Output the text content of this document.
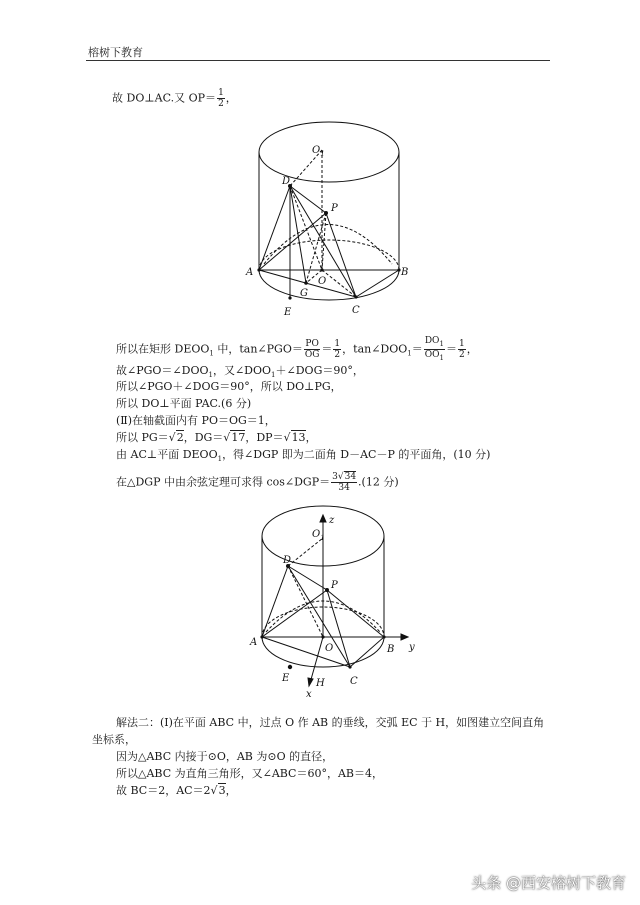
榕树下教育
故 DO⊥AC.又 $OP= \frac{1}{2}$ ，
$O_1$
D
P
A	B
O
G
E	C
所以在矩形 $DEOO_1$ 中，tan∠PGO＝ $\frac{PO}{OG} = \frac{1}{2}$ ，$\tan\angle DOO_1= \frac{DO_1}{OO_1} = \frac{1}{2}$ ，
故$\angle PGO=\angle DOO_1$，又$\angle DOO_1+\angle DOG=90^\circ$，
所以∠PGO＋∠DOG＝90°，所以 DO⊥PG，
所以 DO⊥平面 PAC.(6 分)
(Ⅱ)在轴截面内有 PO＝OG＝1，
所以 PG＝√2，DG＝√17，DP＝√13，
由 AC⊥平面 $DEOO_1$，得∠DGP 即为二面角 D－AC－P 的平面角，(10 分)
在△DGP 中由余弦定理可求得 cos∠DGP＝ $\frac{3√34}{34} .(12$ 分)
$O_1$
z
D
P
A
O	B y
E	H	C
x
解法二：(Ⅰ)在平面 ABC 中，过点 O 作 AB 的垂线，交弧 EC 于 H，如图建立空间直角
坐标系，
因为△ABC 内接于⊙O，AB 为⊙O 的直径，
所以△ABC 为直角三角形，又∠ABC＝60°，AB＝4，
故 BC＝2，AC＝2√3，
头条 @西安榕树下教育
